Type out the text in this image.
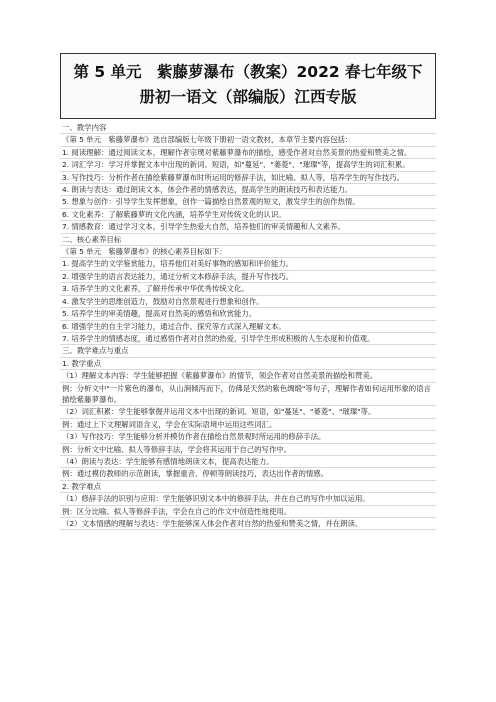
第 5 单元　紫藤萝瀑布（教案）2022 春七年级下册初一语文（部编版）江西专版

一、教学内容

《第 5 单元　紫藤萝瀑布》选自部编版七年级下册初一语文教材，本章节主要内容包括：

1. 阅读理解：通过阅读文本，理解作者宗璞对紫藤萝瀑布的描绘，感受作者对自然美景的热爱和赞美之情。

2. 词汇学习：学习并掌握文本中出现的新词、短语，如"蔓延"、"蒌菱"、"璀璨"等，提高学生的词汇积累。

3. 写作技巧：分析作者在描绘紫藤萝瀑布时所运用的修辞手法，如比喻、拟人等，培养学生的写作技巧。

4. 朗读与表达：通过朗读文本，体会作者的情感表达，提高学生的朗读技巧和表达能力。

5. 想象与创作：引导学生发挥想象，创作一篇描绘自然景观的短文，激发学生的创作热情。

6. 文化素养：了解紫藤萝的文化内涵，培养学生对传统文化的认识。

7. 情感教育：通过学习文本，引导学生热爱大自然，培养他们的审美情趣和人文素养。

二、核心素养目标

《第 5 单元　紫藤萝瀑布》的核心素养目标如下：

1. 提高学生的文学鉴赏能力，培养他们对美好事物的感知和评价能力。

2. 增强学生的语言表达能力，通过分析文本修辞手法，提升写作技巧。

3. 培养学生的文化素养，了解并传承中华优秀传统文化。

4. 激发学生的思维创造力，鼓励对自然景观进行想象和创作。

5. 培养学生的审美情趣，提高对自然美的感悟和欣赏能力。

6. 增强学生的自主学习能力，通过合作、探究等方式深入理解文本。

7. 培养学生的情感态度，通过感悟作者对自然的热爱，引导学生形成积极的人生态度和价值观。

三、教学难点与重点

1. 教学重点

（1）理解文本内容：学生能够把握《紫藤萝瀑布》的情节，领会作者对自然美景的描绘和赞美。

例：分析文中"一片紫色的瀑布，从山涧倾泻而下，仿佛是天然的紫色绸缎"等句子，理解作者如何运用形象的语言描绘紫藤萝瀑布。

（2）词汇积累：学生能够掌握并运用文本中出现的新词、短语，如"蔓延"、"蒌菱"、"璀璨"等。

例：通过上下文理解词语含义，学会在实际语境中运用这些词汇。

（3）写作技巧：学生能够分析并模仿作者在描绘自然景观时所运用的修辞手法。

例：分析文中比喻、拟人等修辞手法，学会将其运用于自己的写作中。

（4）朗读与表达：学生能够有感情地朗读文本，提高表达能力。

例：通过模仿教师的示范朗读，掌握重音、停顿等朗读技巧，表达出作者的情感。

2. 教学难点

（1）修辞手法的识别与应用：学生能够识别文本中的修辞手法，并在自己的写作中加以运用。

例：区分比喻、拟人等修辞手法，学会在自己的作文中创造性地使用。

（2）文本情感的理解与表达：学生能够深入体会作者对自然的热爱和赞美之情，并在朗读、
